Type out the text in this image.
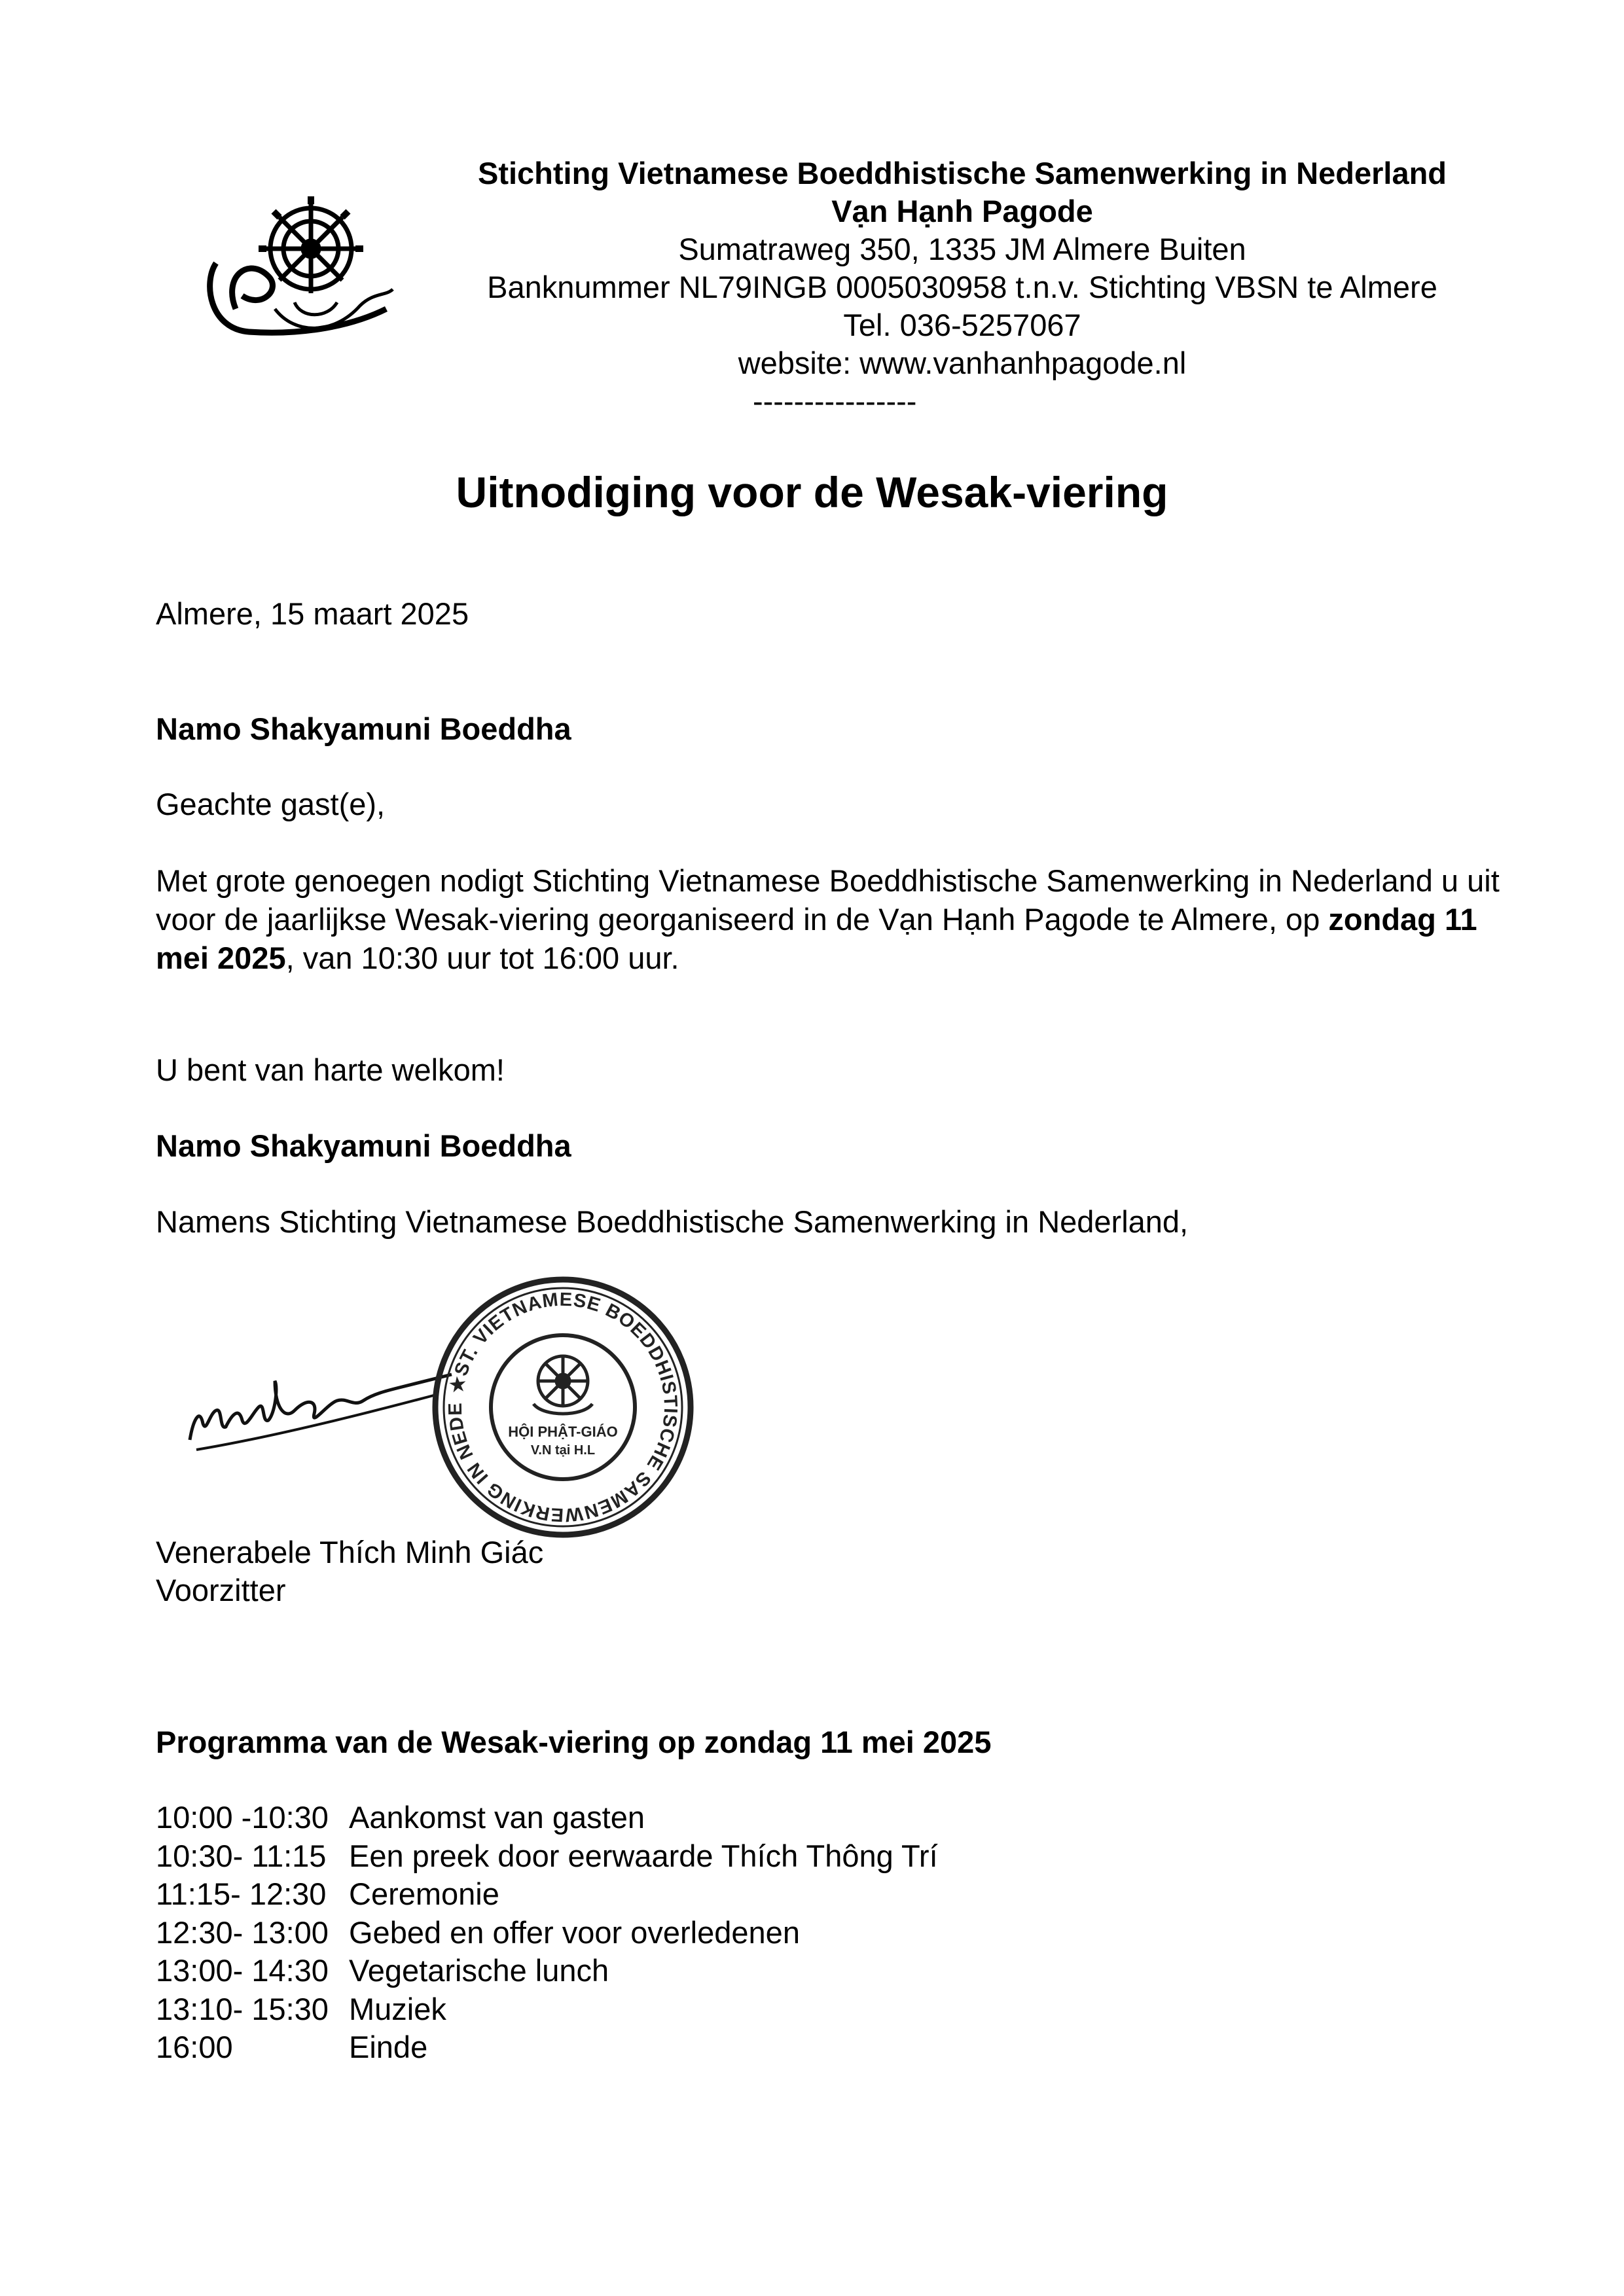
Stichting Vietnamese Boeddhistische Samenwerking in Nederland
Vạn Hạnh Pagode
Sumatraweg 350, 1335 JM Almere Buiten
Banknummer NL79INGB 0005030958 t.n.v. Stichting VBSN te Almere
Tel. 036-5257067
website: www.vanhanhpagode.nl
----------------
Uitnodiging voor de Wesak-viering
Almere, 15 maart 2025
Namo Shakyamuni Boeddha
Geachte gast(e),
Met grote genoegen nodigt Stichting Vietnamese Boeddhistische Samenwerking in Nederland u uit voor de jaarlijkse Wesak-viering georganiseerd in de Vạn Hạnh Pagode te Almere, op zondag 11 mei 2025, van 10:30 uur tot 16:00 uur.
U bent van harte welkom!
Namo Shakyamuni Boeddha
Namens Stichting Vietnamese Boeddhistische Samenwerking in Nederland,
★ST. VIETNAMESE BOEDDHISTISCHE SAMENWERKING IN NEDE
HỘI PHẬT-GIÁO
V.N tại H.L
Venerabele Thích Minh Giác
Voorzitter
Programma van de Wesak-viering op zondag 11 mei 2025
10:00 -10:30 Aankomst van gasten
10:30- 11:15 Een preek door eerwaarde Thích Thông Trí
11:15- 12:30 Ceremonie
12:30- 13:00 Gebed en offer voor overledenen
13:00- 14:30 Vegetarische lunch
13:10- 15:30 Muziek
16:00	Einde
